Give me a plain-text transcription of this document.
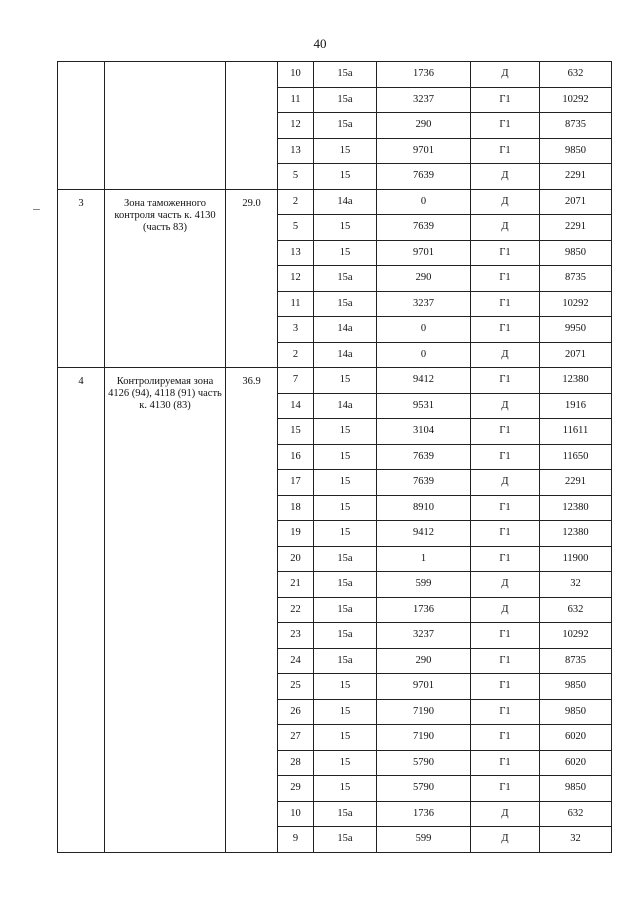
40
			10	15а	1736	Д	632
			11	15а	3237	Г1	10292
			12	15а	290	Г1	8735
			13	15	9701	Г1	9850
			5	15	7639	Д	2291
3	Зона таможенного контроля часть к. 4130 (часть 83)	29.0	2	14а	0	Д	2071
			5	15	7639	Д	2291
			13	15	9701	Г1	9850
			12	15а	290	Г1	8735
			11	15а	3237	Г1	10292
			3	14а	0	Г1	9950
			2	14а	0	Д	2071
4	Контролируемая зона 4126 (94), 4118 (91) часть к. 4130 (83)	36.9	7	15	9412	Г1	12380
			14	14а	9531	Д	1916
			15	15	3104	Г1	11611
			16	15	7639	Г1	11650
			17	15	7639	Д	2291
			18	15	8910	Г1	12380
			19	15	9412	Г1	12380
			20	15а	1	Г1	11900
			21	15а	599	Д	32
			22	15а	1736	Д	632
			23	15а	3237	Г1	10292
			24	15а	290	Г1	8735
			25	15	9701	Г1	9850
			26	15	7190	Г1	9850
			27	15	7190	Г1	6020
			28	15	5790	Г1	6020
			29	15	5790	Г1	9850
			10	15а	1736	Д	632
			9	15а	599	Д	32
